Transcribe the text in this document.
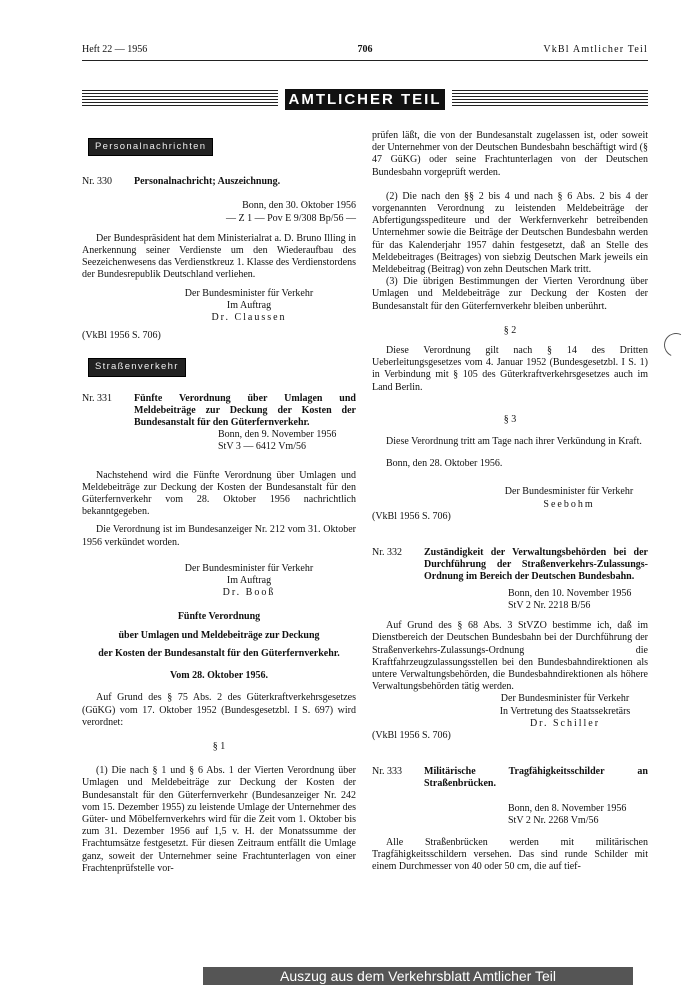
Heft 22 — 1956	706	VkBl Amtlicher Teil
AMTLICHER TEIL
Personalnachrichten
Nr. 330	Personalnachricht; Auszeichnung.

Bonn, den 30. Oktober 1956

— Z 1 — Pov E 9/308 Bp/56 —

Der Bundespräsident hat dem Ministerialrat a. D. Bruno Illing in Anerkennung seiner Verdienste um den Wiederaufbau des Seezeichenwesens das Verdienstkreuz 1. Klasse des Verdienstordens der Bundesrepublik Deutschland verliehen.

Der Bundesminister für Verkehr
Im Auftrag
Dr. Claussen

(VkBl 1956 S. 706)

Straßenverkehr
Nr. 331	Fünfte Verordnung über Umlagen und Meldebeiträge zur Deckung der Kosten der Bundesanstalt für den Güterfernverkehr.

Bonn, den 9. November 1956

StV 3 — 6412 Vm/56

Nachstehend wird die Fünfte Verordnung über Umlagen und Meldebeiträge zur Deckung der Kosten der Bundesanstalt für den Güterfernverkehr vom 28. Oktober 1956 nachrichtlich bekanntgegeben.

Die Verordnung ist im Bundesanzeiger Nr. 212 vom 31. Oktober 1956 verkündet worden.

Der Bundesminister für Verkehr
Im Auftrag
Dr. Booß

Fünfte Verordnung

über Umlagen und Meldebeiträge zur Deckung

der Kosten der Bundesanstalt für den Güterfernverkehr.

Vom 28. Oktober 1956.

Auf Grund des § 75 Abs. 2 des Güterkraftverkehrsgesetzes (GüKG) vom 17. Oktober 1952 (Bundesgesetzbl. I S. 697) wird verordnet:

§ 1

(1) Die nach § 1 und § 6 Abs. 1 der Vierten Verordnung über Umlagen und Meldebeiträge zur Deckung der Kosten der Bundesanstalt für den Güterfernverkehr (Bundesanzeiger Nr. 242 vom 15. Dezember 1955) zu leistende Umlage der Unternehmer des Güter- und Möbelfernverkehrs wird für die Zeit vom 1. Oktober bis zum 31. Dezember 1956 auf 1,5 v. H. der Monatssumme der Frachtumsätze festgesetzt. Für diesen Zeitraum entfällt die Umlage ganz, soweit der Unternehmer seine Frachtunterlagen von einer Frachtenprüfstelle vor-

prüfen läßt, die von der Bundesanstalt zugelassen ist, oder soweit der Unternehmer von der Deutschen Bundesbahn beschäftigt wird (§ 47 GüKG) oder seine Frachtunterlagen von der Deutschen Bundesbahn vorgeprüft werden.

(2) Die nach den §§ 2 bis 4 und nach § 6 Abs. 2 bis 4 der vorgenannten Verordnung zu leistenden Meldebeiträge der Abfertigungsspediteure und der Werkfernverkehr betreibenden Unternehmer sowie die Beiträge der Deutschen Bundesbahn werden für das Kalenderjahr 1957 dahin festgesetzt, daß an Stelle des Meldebeitrages (Beitrages) von siebzig Deutschen Mark jeweils ein Meldebeitrag (Beitrag) von zehn Deutschen Mark tritt.

(3) Die übrigen Bestimmungen der Vierten Verordnung über Umlagen und Meldebeiträge zur Deckung der Kosten der Bundesanstalt für den Güterfernverkehr bleiben unberührt.

§ 2

Diese Verordnung gilt nach § 14 des Dritten Ueberleitungsgesetzes vom 4. Januar 1952 (Bundesgesetzbl. I S. 1) in Verbindung mit § 105 des Güterkraftverkehrsgesetzes auch im Land Berlin.

§ 3

Diese Verordnung tritt am Tage nach ihrer Verkündung in Kraft.

Bonn, den 28. Oktober 1956.

Der Bundesminister für Verkehr
Seebohm

(VkBl 1956 S. 706)

Nr. 332	Zuständigkeit der Verwaltungsbehörden bei der Durchführung der Straßenverkehrs-Zulassungs-Ordnung im Bereich der Deutschen Bundesbahn.

Bonn, den 10. November 1956

StV 2 Nr. 2218 B/56

Auf Grund des § 68 Abs. 3 StVZO bestimme ich, daß im Dienstbereich der Deutschen Bundesbahn bei der Durchführung der Straßenverkehrs-Zulassungs-Ordnung die Kraftfahrzeugzulassungsstellen bei den Bundesbahndirektionen als untere Verwaltungsbehörden, die Bundesbahndirektionen als höhere Verwaltungsbehörden tätig werden.

Der Bundesminister für Verkehr
In Vertretung des Staatssekretärs
Dr. Schiller

(VkBl 1956 S. 706)

Nr. 333	Militärische Tragfähigkeitsschilder an Straßenbrücken.

Bonn, den 8. November 1956

StV 2 Nr. 2268 Vm/56

Alle Straßenbrücken werden mit militärischen Tragfähigkeitsschildern versehen. Das sind runde Schilder mit einem Durchmesser von 40 oder 50 cm, die auf tief-

Auszug aus dem Verkehrsblatt Amtlicher Teil
